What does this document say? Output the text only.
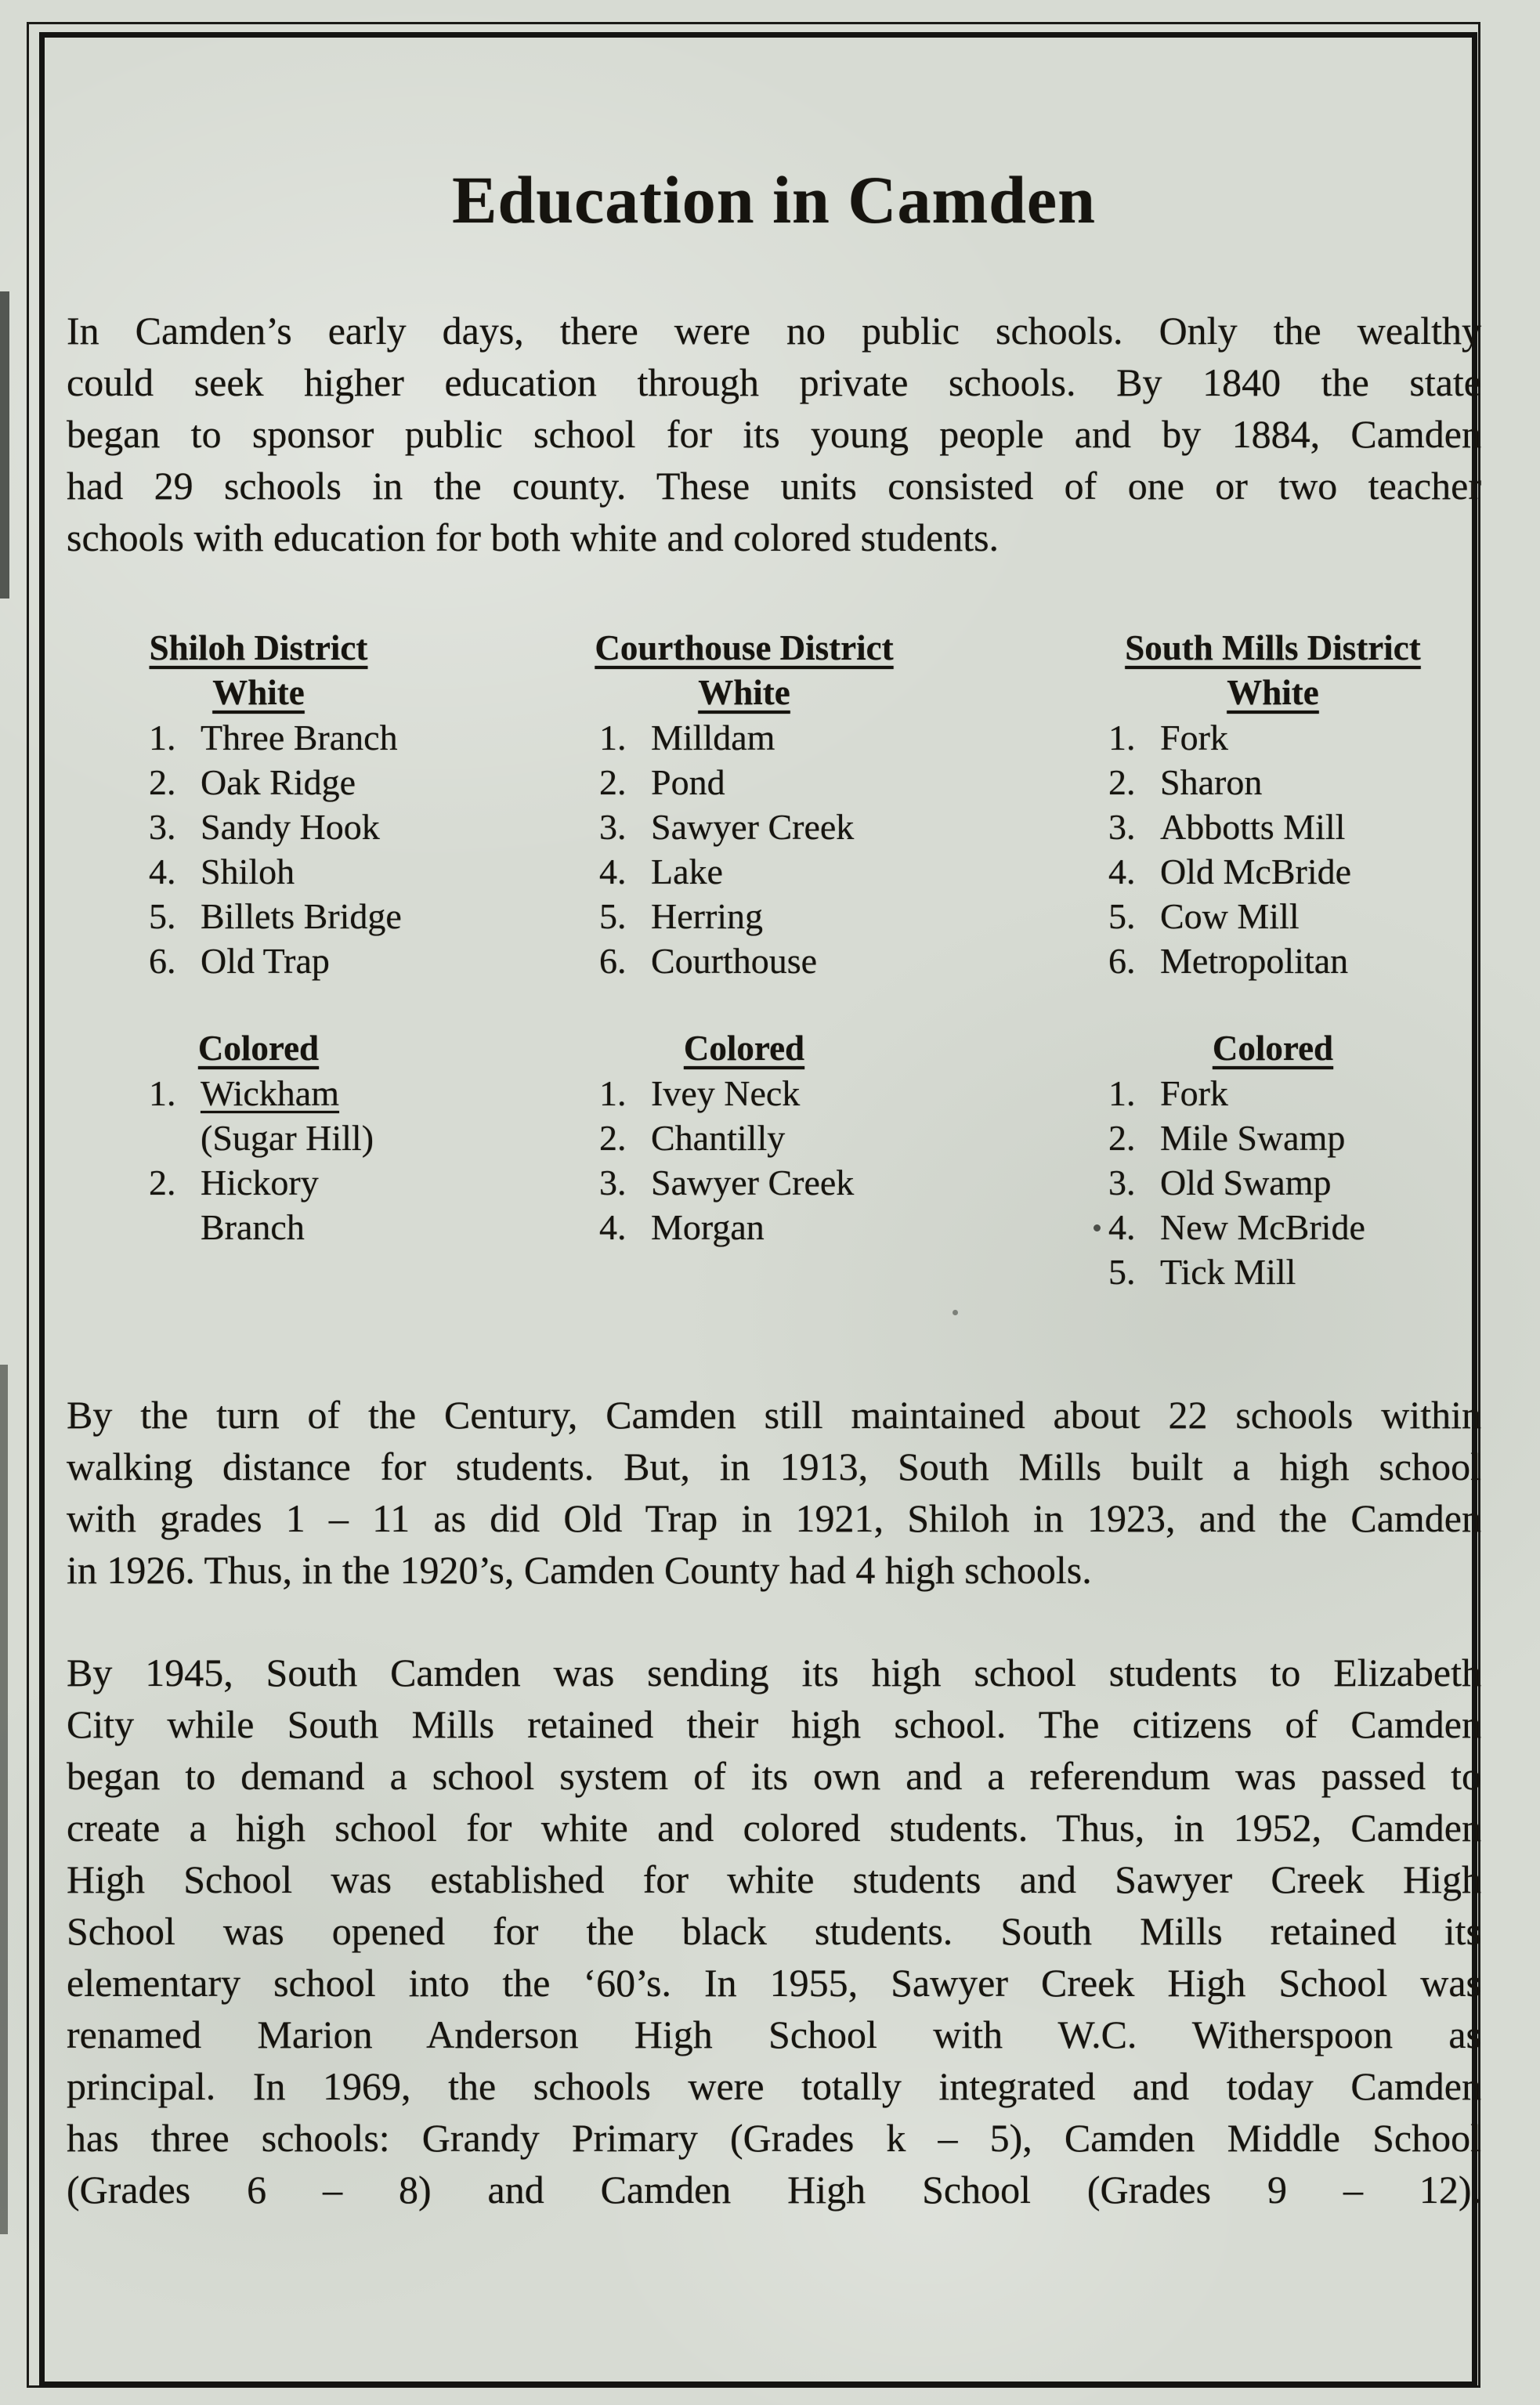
Education in Camden
In Camden’s early days, there were no public schools. Only the wealthy
could seek higher education through private schools. By 1840 the state
began to sponsor public school for its young people and by 1884, Camden
had 29 schools in the county. These units consisted of one or two teacher
schools with education for both white and colored students.
Shiloh District
White
1. Three Branch
2. Oak Ridge
3. Sandy Hook
4. Shiloh
5. Billets Bridge
6. Old Trap
Colored
1. Wickham
(Sugar Hill)
2. Hickory Branch
Courthouse District
White
1. Milldam
2. Pond
3. Sawyer Creek
4. Lake
5. Herring
6. Courthouse
Colored
1. Ivey Neck
2. Chantilly
3. Sawyer Creek
4. Morgan
South Mills District
White
1. Fork
2. Sharon
3. Abbotts Mill
4. Old McBride
5. Cow Mill
6. Metropolitan
Colored
1. Fork
2. Mile Swamp
3. Old Swamp
4. New McBride
5. Tick Mill
By the turn of the Century, Camden still maintained about 22 schools within
walking distance for students. But, in 1913, South Mills built a high school
with grades 1 – 11 as did Old Trap in 1921, Shiloh in 1923, and the Camden
in 1926. Thus, in the 1920’s, Camden County had 4 high schools.
By 1945, South Camden was sending its high school students to Elizabeth
City while South Mills retained their high school. The citizens of Camden
began to demand a school system of its own and a referendum was passed to
create a high school for white and colored students. Thus, in 1952, Camden
High School was established for white students and Sawyer Creek High
School was opened for the black students. South Mills retained its
elementary school into the ‘60’s. In 1955, Sawyer Creek High School was
renamed Marion Anderson High School with W.C. Witherspoon as
principal. In 1969, the schools were totally integrated and today Camden
has three schools: Grandy Primary (Grades k – 5), Camden Middle School
(Grades 6 – 8) and Camden High School (Grades 9 – 12).
